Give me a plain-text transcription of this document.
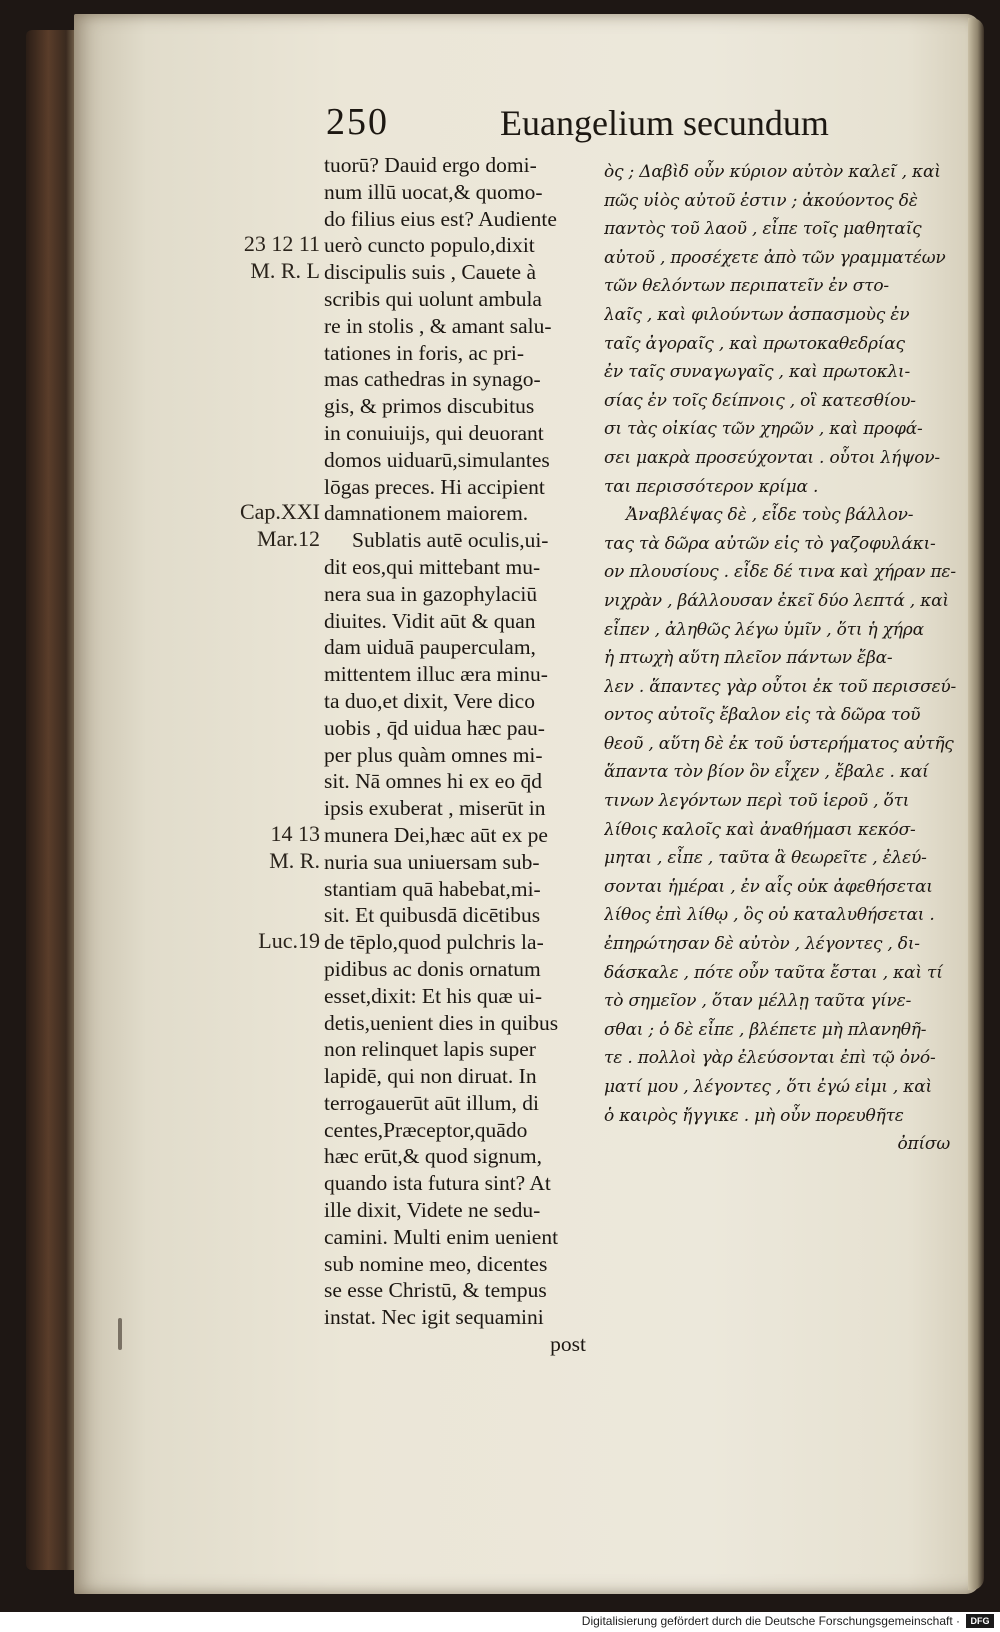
250	Euangelium secundum
23 12 11
M. R. L
Cap.XXI
Mar.12
14 13
M. R.
Luc.19
tuorū? Dauid ergo domi-
num illū uocat,& quomo-
do filius eius est? Audiente
uerò cuncto populo,dixit
discipulis suis , Cauete à
scribis qui uolunt ambula
re in stolis , & amant salu-
tationes in foris, ac pri-
mas cathedras in synago-
gis, & primos discubitus
in conuiuijs, qui deuorant
domos uiduarū,simulantes
lōgas preces. Hi accipient
damnationem maiorem.
Sublatis autē oculis,ui-
dit eos,qui mittebant mu-
nera sua in gazophylaciū
diuites. Vidit aūt & quan
dam uiduā pauperculam,
mittentem illuc æra minu-
ta duo,et dixit, Vere dico
uobis , q̄d uidua hæc pau-
per plus quàm omnes mi-
sit. Nā omnes hi ex eo q̄d
ipsis exuberat , miserūt in
munera Dei,hæc aūt ex pe
nuria sua uniuersam sub-
stantiam quā habebat,mi-
sit. Et quibusdā dicētibus
de tēplo,quod pulchris la-
pidibus ac donis ornatum
esset,dixit: Et his quæ ui-
detis,uenient dies in quibus
non relinquet lapis super
lapidē, qui non diruat. In
terrogauerūt aūt illum, di
centes,Præceptor,quādo
hæc erūt,& quod signum,
quando ista futura sint? At
ille dixit, Videte ne sedu-
camini. Multi enim uenient
sub nomine meo, dicentes
se esse Christū, & tempus
instat. Nec igit sequamini
post
ὸς ; Δαβὶδ οὖν κύριον αὐτὸν καλεῖ , καὶ
πῶς υἱὸς αὐτοῦ ἐστιν ; ἀκούοντος δὲ
παντὸς τοῦ λαοῦ , εἶπε τοῖς μαθηταῖς
αὐτοῦ , προσέχετε ἀπὸ τῶν γραμματέων
τῶν θελόντων περιπατεῖν ἐν στο-
λαῖς , καὶ φιλούντων ἀσπασμοὺς ἐν
ταῖς ἀγοραῖς , καὶ πρωτοκαθεδρίας
ἐν ταῖς συναγωγαῖς , καὶ πρωτοκλι-
σίας ἐν τοῖς δείπνοις , οἳ κατεσθίου-
σι τὰς οἰκίας τῶν χηρῶν , καὶ προφά-
σει μακρὰ προσεύχονται . οὗτοι λήψον-
ται περισσότερον κρίμα .
Ἀναβλέψας δὲ , εἶδε τοὺς βάλλον-
τας τὰ δῶρα αὐτῶν εἰς τὸ γαζοφυλάκι-
ον πλουσίους . εἶδε δέ τινα καὶ χήραν πε-
νιχρὰν , βάλλουσαν ἐκεῖ δύο λεπτά , καὶ
εἶπεν , ἀληθῶς λέγω ὑμῖν , ὅτι ἡ χήρα
ἡ πτωχὴ αὕτη πλεῖον πάντων ἔβα-
λεν . ἅπαντες γὰρ οὗτοι ἐκ τοῦ περισσεύ-
οντος αὐτοῖς ἔβαλον εἰς τὰ δῶρα τοῦ
θεοῦ , αὕτη δὲ ἐκ τοῦ ὑστερήματος αὐτῆς
ἅπαντα τὸν βίον ὃν εἶχεν , ἔβαλε . καί
τινων λεγόντων περὶ τοῦ ἱεροῦ , ὅτι
λίθοις καλοῖς καὶ ἀναθήμασι κεκόσ-
μηται , εἶπε , ταῦτα ἃ θεωρεῖτε , ἐλεύ-
σονται ἡμέραι , ἐν αἷς οὐκ ἀφεθήσεται
λίθος ἐπὶ λίθῳ , ὃς οὐ καταλυθήσεται .
ἐπηρώτησαν δὲ αὐτὸν , λέγοντες , δι-
δάσκαλε , πότε οὖν ταῦτα ἔσται , καὶ τί
τὸ σημεῖον , ὅταν μέλλῃ ταῦτα γίνε-
σθαι ; ὁ δὲ εἶπε , βλέπετε μὴ πλανηθῆ-
τε . πολλοὶ γὰρ ἐλεύσονται ἐπὶ τῷ ὀνό-
ματί μου , λέγοντες , ὅτι ἐγώ εἰμι , καὶ
ὁ καιρὸς ἤγγικε . μὴ οὖν πορευθῆτε
ὀπίσω
Digitalisierung gefördert durch die Deutsche Forschungsgemeinschaft ·	DFG
